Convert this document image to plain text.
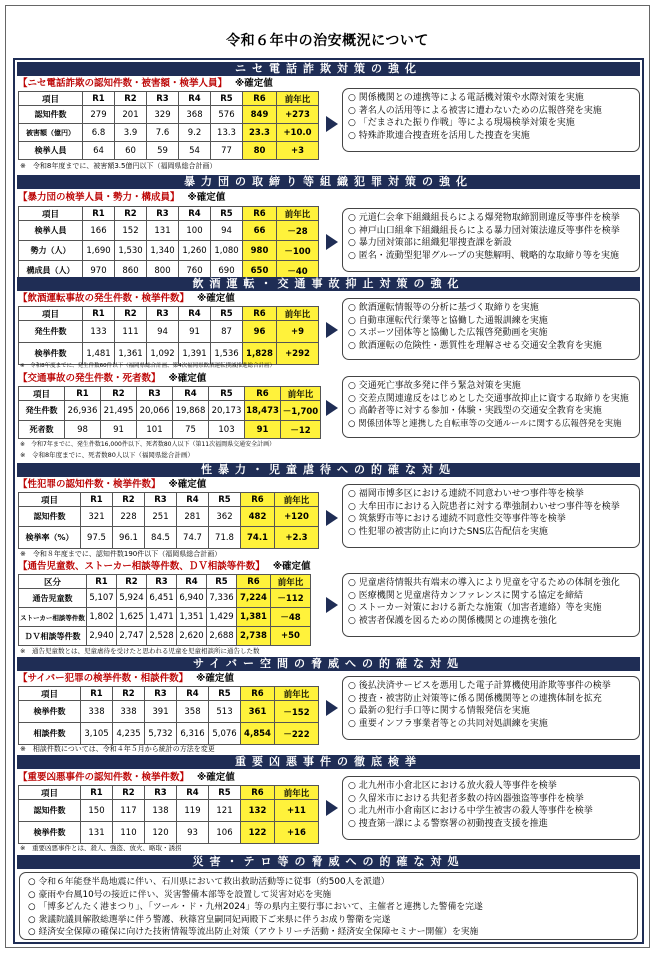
令和６年中の治安概況について
ニセ電話詐欺対策の強化
【ニセ電話詐欺の認知件数・被害額・検挙人員】 ※確定値
項目	R1	R2	R3	R4	R5	R6	前年比
認知件数	279	201	329	368	576	849	+273
被害額（億円）	6.8	3.9	7.6	9.2	13.3	23.3	+10.0
検挙人員	64	60	59	54	77	80	+3
※　令和8年度までに、被害額3.5億円以下（福岡県総合計画）
○ 関係機関との連携等による電話機対策や水際対策を実施
○ 著名人の活用等による被害に遭わないための広報啓発を実施
○ 「だまされた振り作戦」等による現場検挙対策を実施
○ 特殊詐欺連合捜査班を活用した捜査を実施
暴力団の取締り等組織犯罪対策の強化
【暴力団の検挙人員・勢力・構成員】 ※確定値
項目	R1	R2	R3	R4	R5	R6	前年比
検挙人員	166	152	131	100	94	66	－28
勢力（人）	1,690	1,530	1,340	1,260	1,080	980	－100
構成員（人）	970	860	800	760	690	650	－40
○ 元道仁会傘下組織組長らによる爆発物取締罰則違反等事件を検挙
○ 神戸山口組傘下組織組長らによる暴力団対策法違反等事件を検挙
○ 暴力団対策部に組織犯罪捜査課を新設
○ 匿名・流動型犯罪グループの実態解明、戦略的な取締り等を実施
飲酒運転・交通事故抑止対策の強化
【飲酒運転事故の発生件数・検挙件数】 ※確定値
項目	R1	R2	R3	R4	R5	R6	前年比
発生件数	133	111	94	91	87	96	+9
検挙件数	1,481	1,361	1,092	1,391	1,536	1,828	+292
※　令和8年度までに、発生件数60件以下（福岡県総合計画、第4次福岡県飲酒運転撲滅推進総合計画）
○ 飲酒運転情報等の分析に基づく取締りを実施
○ 自動車運転代行業等と協働した通報訓練を実施
○ スポーツ団体等と協働した広報啓発動画を実施
○ 飲酒運転の危険性・悪質性を理解させる交通安全教育を実施
【交通事故の発生件数・死者数】 ※確定値
項目	R1	R2	R3	R4	R5	R6	前年比
発生件数	26,936	21,495	20,066	19,868	20,173	18,473	－1,700
死者数	98	91	101	75	103	91	－12
※　令和7年までに、発生件数16,000件以下、死者数80人以下（第11次福岡県交通安全計画）
※　令和8年度までに、死者数80人以下（福岡県総合計画）
○ 交通死亡事故多発に伴う緊急対策を実施
○ 交差点関連違反をはじめとした交通事故抑止に資する取締りを実施
○ 高齢者等に対する参加・体験・実践型の交通安全教育を実施
○ 関係団体等と連携した自転車等の交通ルールに関する広報啓発を実施
性暴力・児童虐待への的確な対処
【性犯罪の認知件数・検挙件数】 ※確定値
項目	R1	R2	R3	R4	R5	R6	前年比
認知件数	321	228	251	281	362	482	+120
検挙率（%）	97.5	96.1	84.5	74.7	71.8	74.1	+2.3
※　令和８年度までに、認知件数190件以下（福岡県総合計画）
○ 福岡市博多区における連続不同意わいせつ事件等を検挙
○ 大牟田市における入院患者に対する準強制わいせつ事件等を検挙
○ 筑紫野市等における連続不同意性交等事件等を検挙
○ 性犯罪の被害防止に向けたSNS広告配信を実施
【通告児童数、ストーカー相談等件数、ＤＶ相談等件数】 ※確定値
区分	R1	R2	R3	R4	R5	R6	前年比
通告児童数	5,107	5,924	6,451	6,940	7,336	7,224	－112
ストーカー相談等件数	1,802	1,625	1,471	1,351	1,429	1,381	－48
ＤＶ相談等件数	2,940	2,747	2,528	2,620	2,688	2,738	+50
※　通告児童数とは、児童虐待を受けたと思われる児童を児童相談所に通告した数
○ 児童虐待情報共有端末の導入により児童を守るための体制を強化
○ 医療機関と児童虐待カンファレンスに関する協定を締結
○ ストーカー対策における新たな施策（加害者連絡）等を実施
○ 被害者保護を図るための関係機関との連携を強化
サイバー空間の脅威への的確な対処
【サイバー犯罪の検挙件数・相談件数】 ※確定値
項目	R1	R2	R3	R4	R5	R6	前年比
検挙件数	338	338	391	358	513	361	－152
相談件数	3,105	4,235	5,732	6,316	5,076	4,854	－222
※　相談件数については、令和４年５月から統計の方法を変更
○ 後払決済サービスを悪用した電子計算機使用詐欺等事件の検挙
○ 捜査・被害防止対策等に係る関係機関等との連携体制を拡充
○ 最新の犯行手口等に関する情報発信を実施
○ 重要インフラ事業者等との共同対処訓練を実施
重要凶悪事件の徹底検挙
【重要凶悪事件の認知件数・検挙件数】 ※確定値
項目	R1	R2	R3	R4	R5	R6	前年比
認知件数	150	117	138	119	121	132	+11
検挙件数	131	110	120	93	106	122	+16
※　重要凶悪事件とは、殺人、強盗、放火、略取・誘拐
○ 北九州市小倉北区における放火殺人等事件を検挙
○ 久留米市における共犯者多数の持凶器強盗等事件を検挙
○ 北九州市小倉南区における中学生被害の殺人等事件を検挙
○ 捜査第一課による警察署の初動捜査支援を推進
災害・テロ等の脅威への的確な対処
○ 令和６年能登半島地震に伴い、石川県において救出救助活動等に従事（約500人を派遣）
○ 豪雨や台風10号の接近に伴い、災害警備本部等を設置して災害対応を実施
○ 「博多どんたく港まつり」、「ツール・ド・九州2024」等の県内主要行事において、主催者と連携した警備を完遂
○ 衆議院議員解散総選挙に伴う警護、秋篠宮皇嗣同妃両殿下ご来県に伴うお成り警衛を完遂
○ 経済安全保障の確保に向けた技術情報等流出防止対策（アウトリーチ活動・経済安全保障セミナー開催）を実施
